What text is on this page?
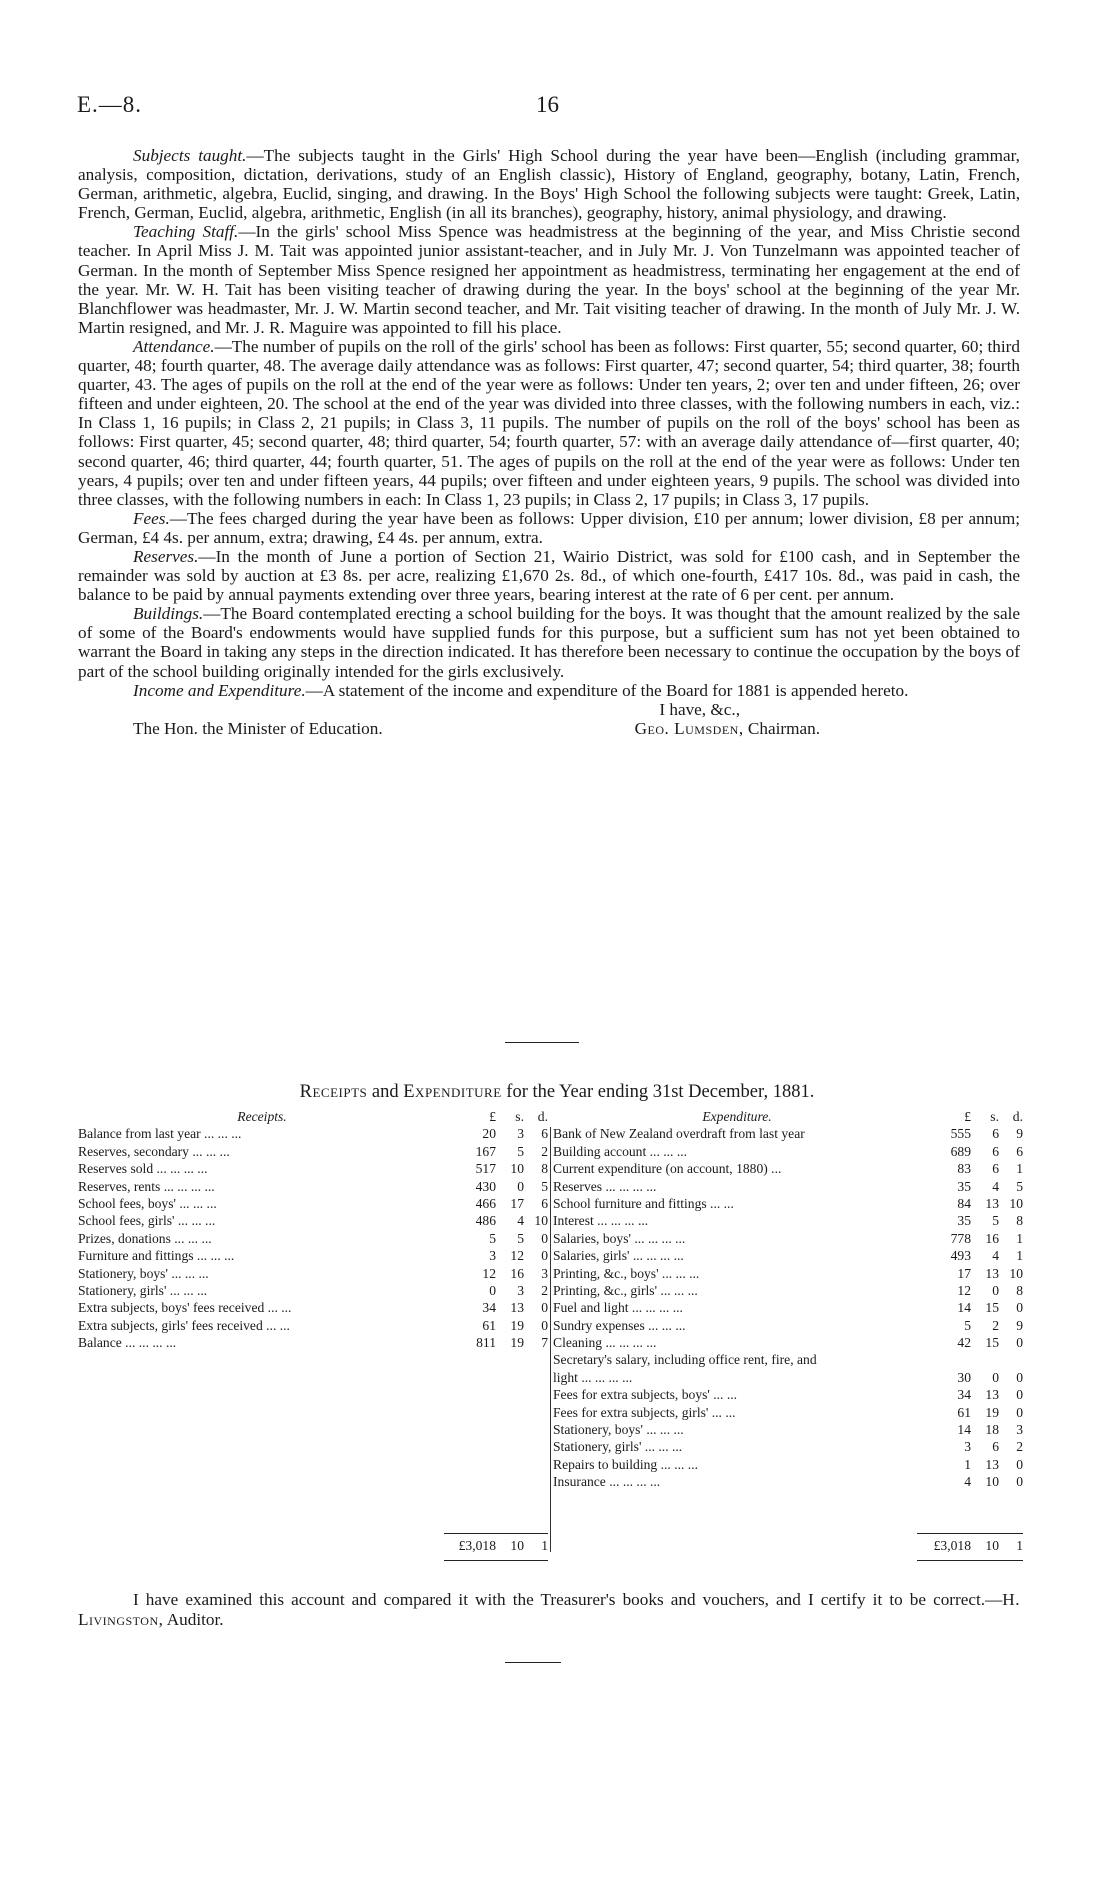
E.—8.	16

Subjects taught.—The subjects taught in the Girls' High School during the year have been—English (including grammar, analysis, composition, dictation, derivations, study of an English classic), History of England, geography, botany, Latin, French, German, arithmetic, algebra, Euclid, singing, and drawing. In the Boys' High School the following subjects were taught: Greek, Latin, French, German, Euclid, algebra, arithmetic, English (in all its branches), geography, history, animal physiology, and drawing.

Teaching Staff.—In the girls' school Miss Spence was headmistress at the beginning of the year, and Miss Christie second teacher. In April Miss J. M. Tait was appointed junior assistant-teacher, and in July Mr. J. Von Tunzelmann was appointed teacher of German. In the month of September Miss Spence resigned her appointment as headmistress, terminating her engagement at the end of the year. Mr. W. H. Tait has been visiting teacher of drawing during the year. In the boys' school at the beginning of the year Mr. Blanchflower was headmaster, Mr. J. W. Martin second teacher, and Mr. Tait visiting teacher of drawing. In the month of July Mr. J. W. Martin resigned, and Mr. J. R. Maguire was appointed to fill his place.

Attendance.—The number of pupils on the roll of the girls' school has been as follows: First quarter, 55; second quarter, 60; third quarter, 48; fourth quarter, 48. The average daily attendance was as follows: First quarter, 47; second quarter, 54; third quarter, 38; fourth quarter, 43. The ages of pupils on the roll at the end of the year were as follows: Under ten years, 2; over ten and under fifteen, 26; over fifteen and under eighteen, 20. The school at the end of the year was divided into three classes, with the following numbers in each, viz.: In Class 1, 16 pupils; in Class 2, 21 pupils; in Class 3, 11 pupils. The number of pupils on the roll of the boys' school has been as follows: First quarter, 45; second quarter, 48; third quarter, 54; fourth quarter, 57: with an average daily attendance of—first quarter, 40; second quarter, 46; third quarter, 44; fourth quarter, 51. The ages of pupils on the roll at the end of the year were as follows: Under ten years, 4 pupils; over ten and under fifteen years, 44 pupils; over fifteen and under eighteen years, 9 pupils. The school was divided into three classes, with the following numbers in each: In Class 1, 23 pupils; in Class 2, 17 pupils; in Class 3, 17 pupils.

Fees.—The fees charged during the year have been as follows: Upper division, £10 per annum; lower division, £8 per annum; German, £4 4s. per annum, extra; drawing, £4 4s. per annum, extra.

Reserves.—In the month of June a portion of Section 21, Wairio District, was sold for £100 cash, and in September the remainder was sold by auction at £3 8s. per acre, realizing £1,670 2s. 8d., of which one-fourth, £417 10s. 8d., was paid in cash, the balance to be paid by annual payments extending over three years, bearing interest at the rate of 6 per cent. per annum.

Buildings.—The Board contemplated erecting a school building for the boys. It was thought that the amount realized by the sale of some of the Board's endowments would have supplied funds for this purpose, but a sufficient sum has not yet been obtained to warrant the Board in taking any steps in the direction indicated. It has therefore been necessary to continue the occupation by the boys of part of the school building originally intended for the girls exclusively.

Income and Expenditure.—A statement of the income and expenditure of the Board for 1881 is appended hereto.

I have, &c.,
The Hon. the Minister of Education.	Geo. Lumsden, Chairman.
Receipts and Expenditure for the Year ending 31st December, 1881.
Receipts.	£	s.	d.
Balance from last year ... ... ...	20	3	6
Reserves, secondary ... ... ...	167	5	2
Reserves sold ... ... ... ...	517	10	8
Reserves, rents ... ... ... ...	430	0	5
School fees, boys' ... ... ...	466	17	6
School fees, girls' ... ... ...	486	4 10
Prizes, donations ... ... ...	5	5	0
Furniture and fittings ... ... ...	3	12	0
Stationery, boys' ... ... ...	12	16	3
Stationery, girls' ... ... ...	0	3	2
Extra subjects, boys' fees received ... ...	34	13	0
Extra subjects, girls' fees received ... ...	61	19	0
Balance ... ... ... ...	811	19	7
Expenditure.	£	s.	d.
Bank of New Zealand overdraft from last year	555	6	9
Building account ... ... ...	689	6	6
Current expenditure (on account, 1880) ...	83	6	1
Reserves ... ... ... ...	35	4	5
School furniture and fittings ... ...	84	13 10
Interest ... ... ... ...	35	5	8
Salaries, boys' ... ... ... ...	778	16	1
Salaries, girls' ... ... ... ...	493	4	1
Printing, &c., boys' ... ... ...	17	13 10
Printing, &c., girls' ... ... ...	12	0	8
Fuel and light ... ... ... ...	14	15	0
Sundry expenses ... ... ...	5	2	9
Cleaning ... ... ... ...	42	15	0
Secretary's salary, including office rent, fire, and
light ... ... ... ...	30	0	0
Fees for extra subjects, boys' ... ...	34	13	0
Fees for extra subjects, girls' ... ...	61	19	0
Stationery, boys' ... ... ...	14	18	3
Stationery, girls' ... ... ...	3	6	2
Repairs to building ... ... ...	1	13	0
Insurance ... ... ... ...	4	10	0
£3,018	10	1	£3,018	10	1

I have examined this account and compared it with the Treasurer's books and vouchers, and I certify it to be correct.—H. Livingston, Auditor.
